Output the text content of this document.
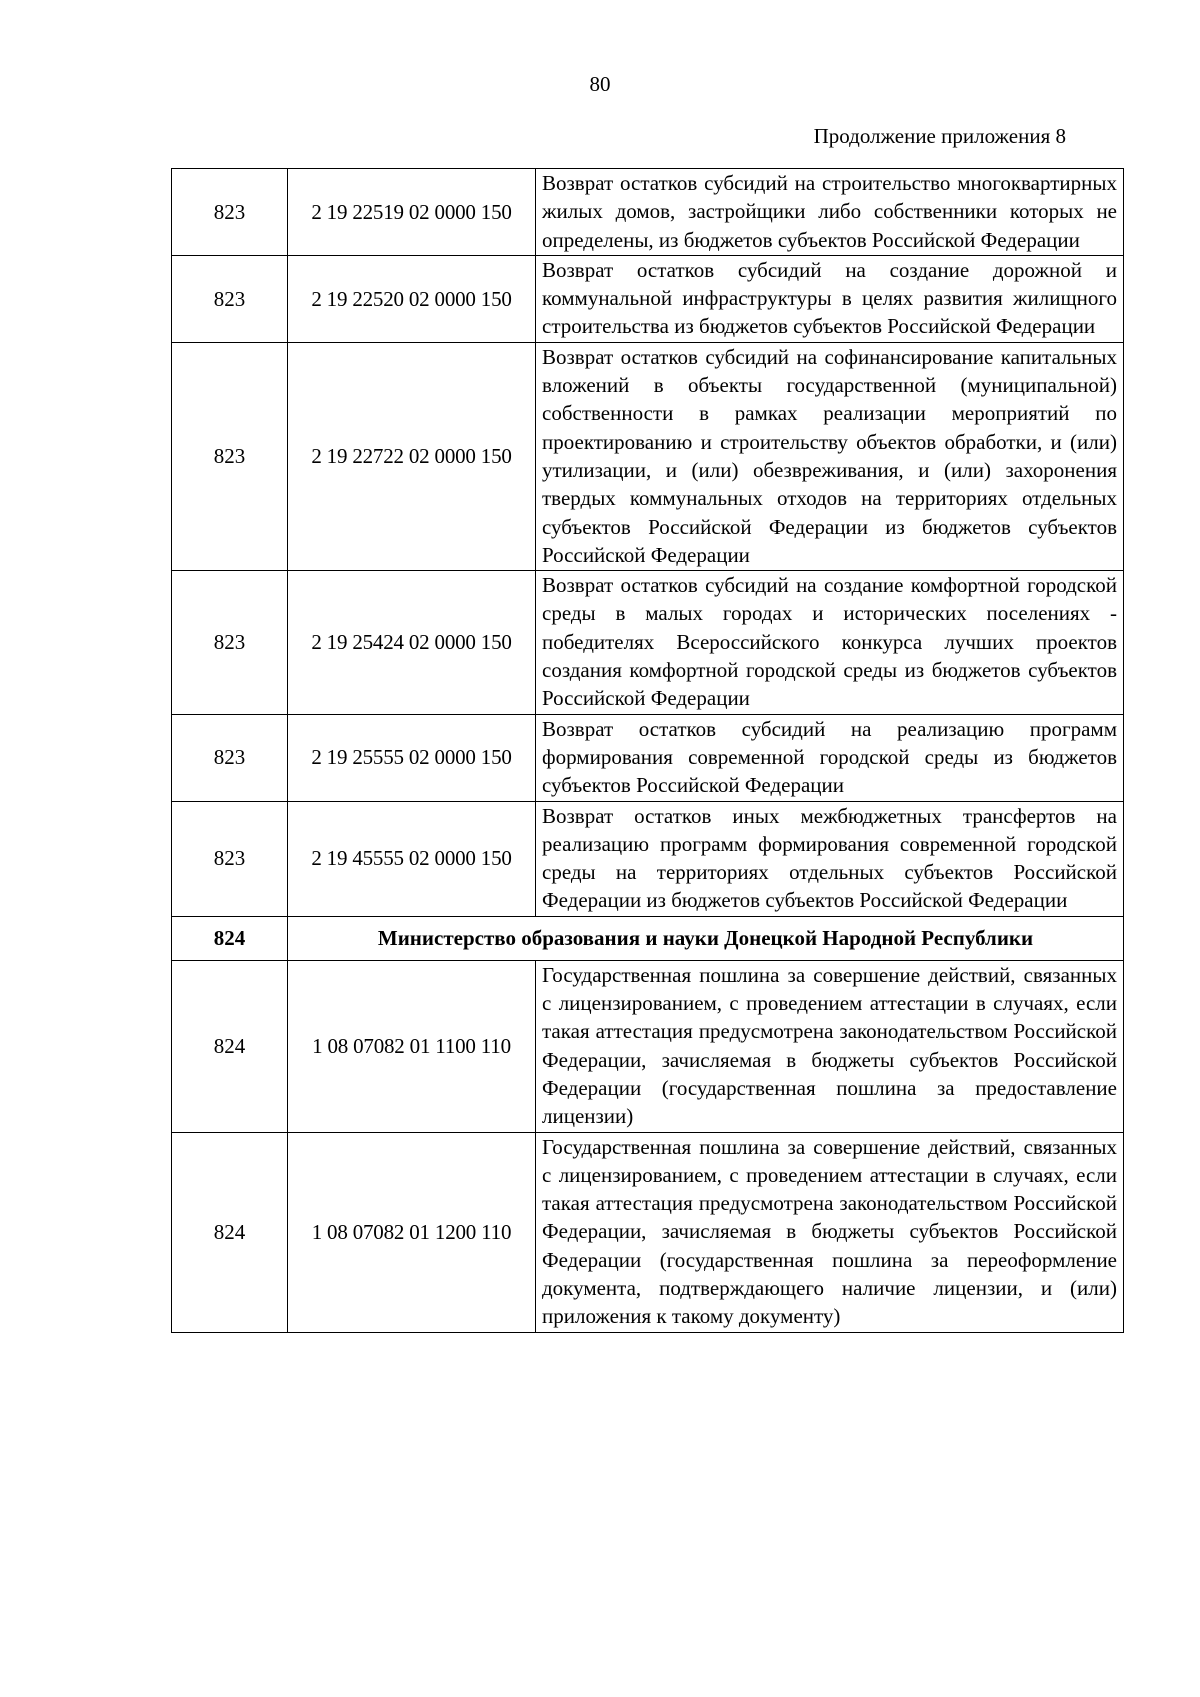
80
Продолжение приложения 8
823	2 19 22519 02 0000 150	Возврат остатков субсидий на строительство многоквартирных жилых домов, застройщики либо собственники которых не определены, из бюджетов субъектов Российской Федерации
823	2 19 22520 02 0000 150	Возврат остатков субсидий на создание дорожной и коммунальной инфраструктуры в целях развития жилищного строительства из бюджетов субъектов Российской Федерации
823	2 19 22722 02 0000 150	Возврат остатков субсидий на софинансирование капитальных вложений в объекты государственной (муниципальной) собственности в рамках реализации мероприятий по проектированию и строительству объектов обработки, и (или) утилизации, и (или) обезвреживания, и (или) захоронения твердых коммунальных отходов на территориях отдельных субъектов Российской Федерации из бюджетов субъектов Российской Федерации
823	2 19 25424 02 0000 150	Возврат остатков субсидий на создание комфортной городской среды в малых городах и исторических поселениях - победителях Всероссийского конкурса лучших проектов создания комфортной городской среды из бюджетов субъектов Российской Федерации
823	2 19 25555 02 0000 150	Возврат остатков субсидий на реализацию программ формирования современной городской среды из бюджетов субъектов Российской Федерации
823	2 19 45555 02 0000 150	Возврат остатков иных межбюджетных трансфертов на реализацию программ формирования современной городской среды на территориях отдельных субъектов Российской Федерации из бюджетов субъектов Российской Федерации
824	Министерство образования и науки Донецкой Народной Республики	
824	1 08 07082 01 1100 110	Государственная пошлина за совершение действий, связанных с лицензированием, с проведением аттестации в случаях, если такая аттестация предусмотрена законодательством Российской Федерации, зачисляемая в бюджеты субъектов Российской Федерации (государственная пошлина за предоставление лицензии)
824	1 08 07082 01 1200 110	Государственная пошлина за совершение действий, связанных с лицензированием, с проведением аттестации в случаях, если такая аттестация предусмотрена законодательством Российской Федерации, зачисляемая в бюджеты субъектов Российской Федерации (государственная пошлина за переоформление документа, подтверждающего наличие лицензии, и (или) приложения к такому документу)
